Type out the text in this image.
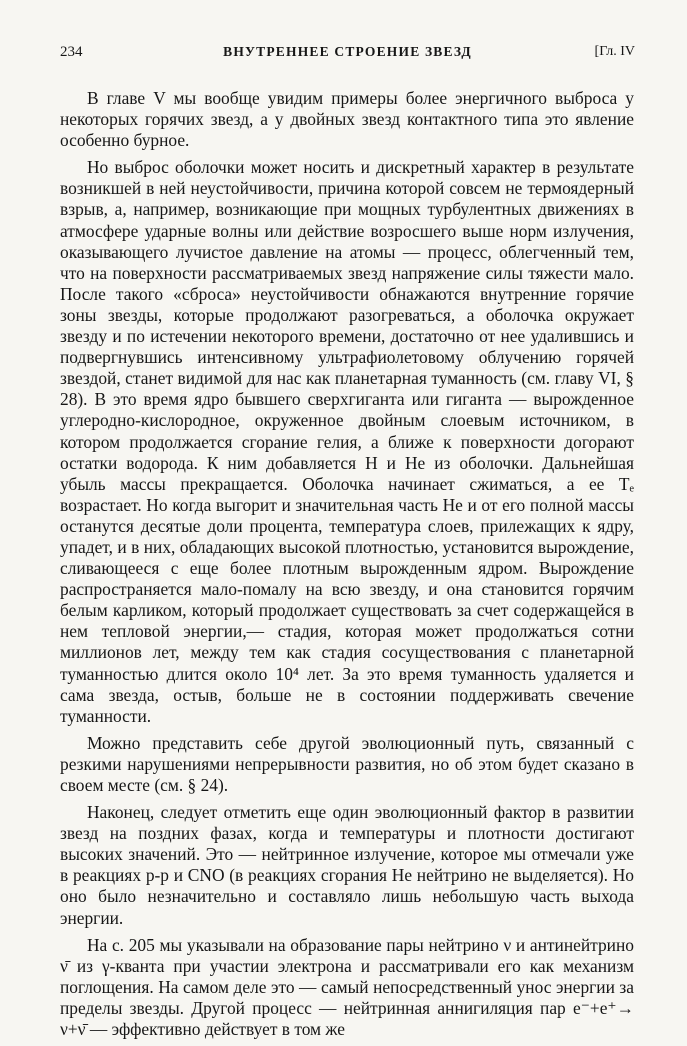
234	ВНУТРЕННЕЕ СТРОЕНИЕ ЗВЕЗД	[Гл. IV

В главе V мы вообще увидим примеры более энергичного выброса у некоторых горячих звезд, а у двойных звезд контактного типа это явление особенно бурное.

Но выброс оболочки может носить и дискретный характер в результате возникшей в ней неустойчивости, причина которой совсем не термоядерный взрыв, а, например, возникающие при мощных турбулентных движениях в атмосфере ударные волны или действие возросшего выше норм излучения, оказывающего лучистое давление на атомы — процесс, облегченный тем, что на поверхности рассматриваемых звезд напряжение силы тяжести мало. После такого «сброса» неустойчивости обнажаются внутренние горячие зоны звезды, которые продолжают разогреваться, а оболочка окружает звезду и по истечении некоторого времени, достаточно от нее удалившись и подвергнувшись интенсивному ультрафиолетовому облучению горячей звездой, станет видимой для нас как планетарная туманность (см. главу VI, § 28). В это время ядро бывшего сверхгиганта или гиганта — вырожденное углеродно-кислородное, окруженное двойным слоевым источником, в котором продолжается сгорание гелия, а ближе к поверхности догорают остатки водорода. К ним добавляется H и He из оболочки. Дальнейшая убыль массы прекращается. Оболочка начинает сжиматься, а ее Tₑ возрастает. Но когда выгорит и значительная часть He и от его полной массы останутся десятые доли процента, температура слоев, прилежащих к ядру, упадет, и в них, обладающих высокой плотностью, установится вырождение, сливающееся с еще более плотным вырожденным ядром. Вырождение распространяется мало-помалу на всю звезду, и она становится горячим белым карликом, который продолжает существовать за счет содержащейся в нем тепловой энергии,— стадия, которая может продолжаться сотни миллионов лет, между тем как стадия сосуществования с планетарной туманностью длится около 10⁴ лет. За это время туманность удаляется и сама звезда, остыв, больше не в состоянии поддерживать свечение туманности.

Можно представить себе другой эволюционный путь, связанный с резкими нарушениями непрерывности развития, но об этом будет сказано в своем месте (см. § 24).

Наконец, следует отметить еще один эволюционный фактор в развитии звезд на поздних фазах, когда и температуры и плотности достигают высоких значений. Это — нейтринное излучение, которое мы отмечали уже в реакциях p-p и CNO (в реакциях сгорания He нейтрино не выделяется). Но оно было незначительно и составляло лишь небольшую часть выхода энергии.

На с. 205 мы указывали на образование пары нейтрино ν и антинейтрино ν̄ из γ-кванта при участии электрона и рассматривали его как механизм поглощения. На самом деле это — самый непосредственный унос энергии за пределы звезды. Другой процесс — нейтринная аннигиляция пар e⁻+e⁺→ ν+ν̄ — эффективно действует в том же
